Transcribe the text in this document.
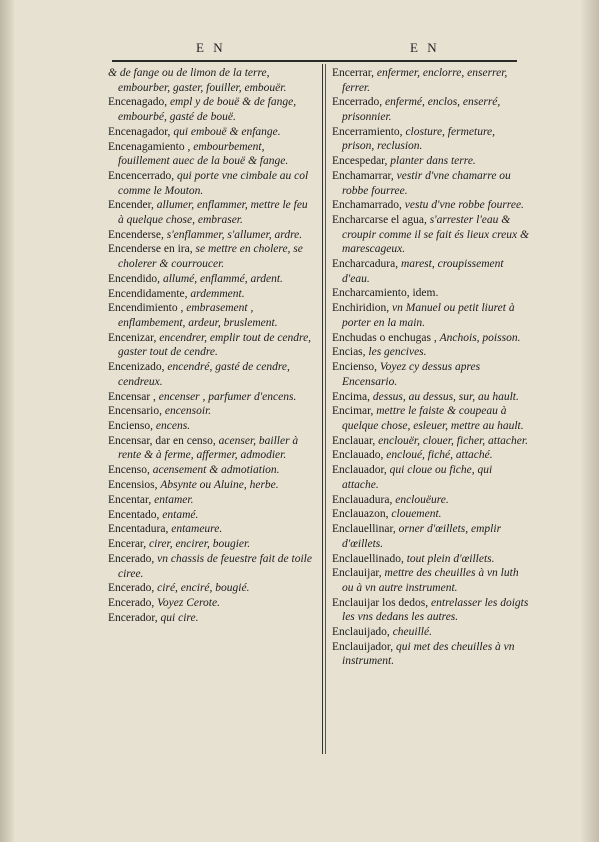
E N	E N
& de fange ou de limon de la terre, embourber, gaster, fouiller, embouër.
Encenagado, empl y de bouë & de fange, embourbé, gasté de bouë.
Encenagador, qui embouë & enfange.
Encenagamiento , embourbement, fouillement auec de la bouë & fange.
Encencerrado, qui porte vne cimbale au col comme le Mouton.
Encender, allumer, enflammer, mettre le feu à quelque chose, embraser.
Encenderse, s'enflammer, s'allumer, ardre.
Encenderse en ira, se mettre en cholere, se cholerer & courroucer.
Encendido, allumé, enflammé, ardent.
Encendidamente, ardemment.
Encendimiento , embrasement , enflambement, ardeur, bruslement.
Encenizar, encendrer, emplir tout de cendre, gaster tout de cendre.
Encenizado, encendré, gasté de cendre, cendreux.
Encensar , encenser , parfumer d'encens.
Encensario, encensoir.
Encienso, encens.
Encensar, dar en censo, acenser, bailler à rente & à ferme, affermer, admodier.
Encenso, acensement & admotiation.
Encensios, Absynte ou Aluine, herbe.
Encentar, entamer.
Encentado, entamé.
Encentadura, entameure.
Encerar, cirer, encirer, bougier.
Encerado, vn chassis de feuestre fait de toile ciree.
Encerado, ciré, enciré, bougié.
Encerado, Voyez Cerote.
Encerador, qui cire.
Encerrar, enfermer, enclorre, enserrer, ferrer.
Encerrado, enfermé, enclos, enserré, prisonnier.
Encerramiento, closture, fermeture, prison, reclusion.
Encespedar, planter dans terre.
Enchamarrar, vestir d'vne chamarre ou robbe fourree.
Enchamarrado, vestu d'vne robbe fourree.
Encharcarse el agua, s'arrester l'eau & croupir comme il se fait és lieux creux & marescageux.
Encharcadura, marest, croupissement d'eau.
Encharcamiento, idem.
Enchiridion, vn Manuel ou petit liuret à porter en la main.
Enchudas o enchugas , Anchois, poisson.
Encias, les gencives.
Encienso, Voyez cy dessus apres Encensario.
Encima, dessus, au dessus, sur, au hault.
Encimar, mettre le faiste & coupeau à quelque chose, esleuer, mettre au hault.
Enclauar, enclouër, clouer, ficher, attacher.
Enclauado, encloué, fiché, attaché.
Enclauador, qui cloue ou fiche, qui attache.
Enclauadura, enclouëure.
Enclauazon, clouement.
Enclauellinar, orner d'œillets, emplir d'œillets.
Enclauellinado, tout plein d'œillets.
Enclauijar, mettre des cheuilles à vn luth ou à vn autre instrument.
Enclauijar los dedos, entrelasser les doigts les vns dedans les autres.
Enclauijado, cheuillé.
Enclauijador, qui met des cheuilles à vn instrument.
